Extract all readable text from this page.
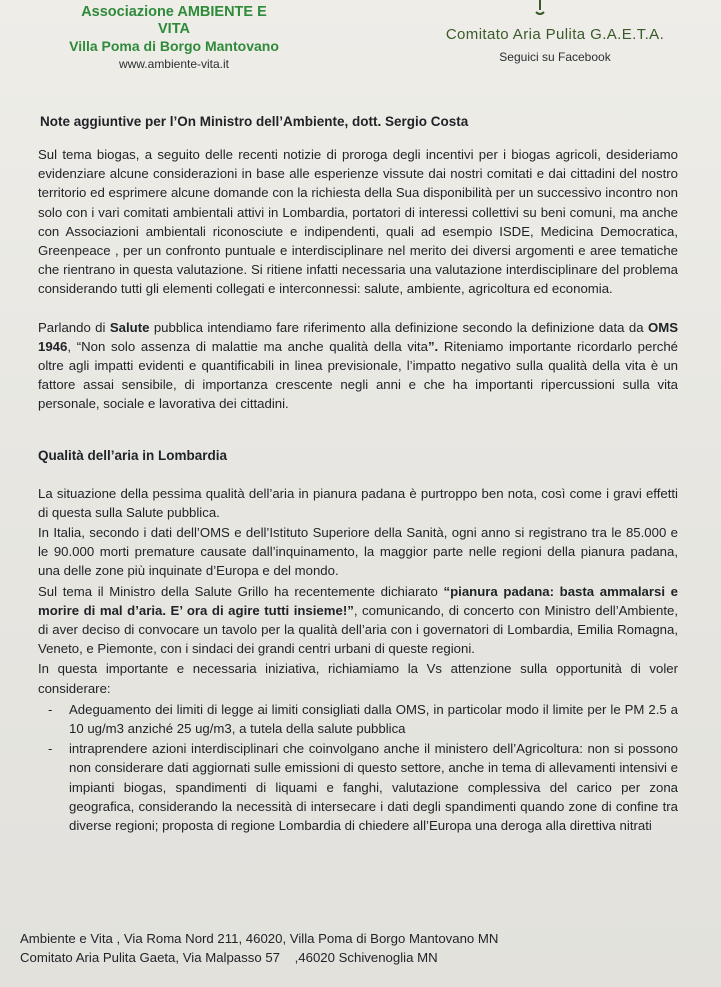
Associazione AMBIENTE E VITA
Villa Poma di Borgo Mantovano
www.ambiente-vita.it
Comitato Aria Pulita G.A.E.T.A.
Seguici su Facebook
Note aggiuntive per l’On Ministro dell’Ambiente, dott. Sergio Costa

Sul tema biogas, a seguito delle recenti notizie di proroga degli incentivi per i biogas agricoli, desideriamo evidenziare alcune considerazioni in base alle esperienze vissute dai nostri comitati e dai cittadini del nostro territorio ed esprimere alcune domande con la richiesta della Sua disponibilità per un successivo incontro non solo con i vari comitati ambientali attivi in Lombardia, portatori di interessi collettivi su beni comuni, ma anche con Associazioni ambientali riconosciute e indipendenti, quali ad esempio ISDE, Medicina Democratica, Greenpeace , per un confronto puntuale e interdisciplinare nel merito dei diversi argomenti e aree tematiche che rientrano in questa valutazione. Si ritiene infatti necessaria una valutazione interdisciplinare del problema considerando tutti gli elementi collegati e interconnessi: salute, ambiente, agricoltura ed economia.

Parlando di Salute pubblica intendiamo fare riferimento alla definizione secondo la definizione data da OMS 1946, “Non solo assenza di malattie ma anche qualità della vita”. Riteniamo importante ricordarlo perché oltre agli impatti evidenti e quantificabili in linea previsionale, l’impatto negativo sulla qualità della vita è un fattore assai sensibile, di importanza crescente negli anni e che ha importanti ripercussioni sulla vita personale, sociale e lavorativa dei cittadini.

Qualità dell’aria in Lombardia

La situazione della pessima qualità dell’aria in pianura padana è purtroppo ben nota, così come i gravi effetti di questa sulla Salute pubblica.

In Italia, secondo i dati dell’OMS e dell’Istituto Superiore della Sanità, ogni anno si registrano tra le 85.000 e le 90.000 morti premature causate dall’inquinamento, la maggior parte nelle regioni della pianura padana, una delle zone più inquinate d’Europa e del mondo.

Sul tema il Ministro della Salute Grillo ha recentemente dichiarato “pianura padana: basta ammalarsi e morire di mal d’aria. E’ ora di agire tutti insieme!”, comunicando, di concerto con Ministro dell’Ambiente, di aver deciso di convocare un tavolo per la qualità dell’aria con i governatori di Lombardia, Emilia Romagna, Veneto, e Piemonte, con i sindaci dei grandi centri urbani di queste regioni.

In questa importante e necessaria iniziativa, richiamiamo la Vs attenzione sulla opportunità di voler considerare:

- Adeguamento dei limiti di legge ai limiti consigliati dalla OMS, in particolar modo il limite per le PM 2.5 a 10 ug/m3 anziché 25 ug/m3, a tutela della salute pubblica
- intraprendere azioni interdisciplinari che coinvolgano anche il ministero dell’Agricoltura: non si possono non considerare dati aggiornati sulle emissioni di questo settore, anche in tema di allevamenti intensivi e impianti biogas, spandimenti di liquami e fanghi, valutazione complessiva del carico per zona geografica, considerando la necessità di intersecare i dati degli spandimenti quando zone di confine tra diverse regioni; proposta di regione Lombardia di chiedere all’Europa una deroga alla direttiva nitrati
Ambiente e Vita , Via Roma Nord 211, 46020, Villa Poma di Borgo Mantovano MN
Comitato Aria Pulita Gaeta, Via Malpasso 57    ,46020 Schivenoglia MN
